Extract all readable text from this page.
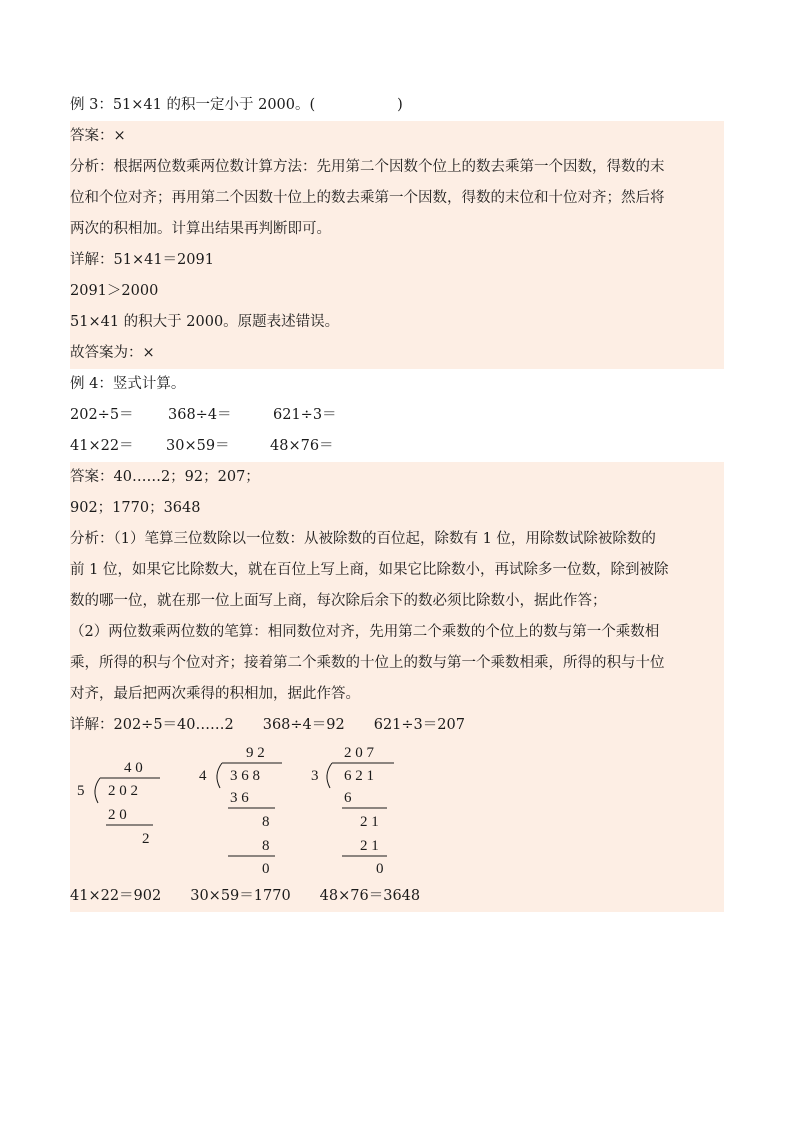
例 3：51×41 的积一定小于 2000。(	)
答案：×
分析：根据两位数乘两位数计算方法：先用第二个因数个位上的数去乘第一个因数，得数的末
位和个位对齐；再用第二个因数十位上的数去乘第一个因数，得数的末位和十位对齐；然后将
两次的积相加。计算出结果再判断即可。
详解：51×41＝2091
2091＞2000
51×41 的积大于 2000。原题表述错误。
故答案为：×
例 4：竖式计算。
202÷5＝	368÷4＝	621÷3＝
41×22＝	30×59＝	48×76＝
答案：40……2；92；207；
902；1770；3648
分析：（1）笔算三位数除以一位数：从被除数的百位起，除数有 1 位，用除数试除被除数的
前 1 位，如果它比除数大，就在百位上写上商，如果它比除数小，再试除多一位数，除到被除
数的哪一位，就在那一位上面写上商，每次除后余下的数必须比除数小，据此作答；
（2）两位数乘两位数的笔算：相同数位对齐，先用第二个乘数的个位上的数与第一个乘数相
乘，所得的积与个位对齐；接着第二个乘数的十位上的数与第一个乘数相乘，所得的积与十位
对齐，最后把两次乘得的积相加，据此作答。
详解：202÷5＝40……2　　368÷4＝92　　621÷3＝207
4 0
5 2 0 2
2 0
2
9 2
4 3 6 8
3 6
8
8
0
2 0 7
3 6 2 1
6
2 1
2 1
0
41×22＝902　　30×59＝1770　　48×76＝3648
